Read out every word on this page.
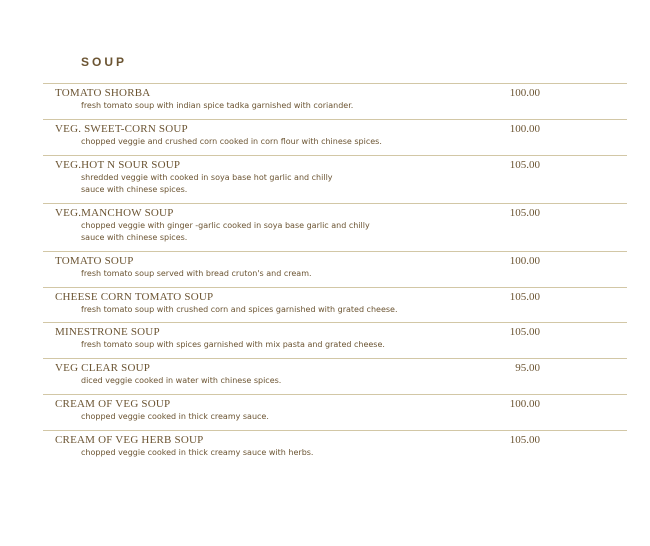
SOUP
TOMATO SHORBA
fresh tomato soup with indian spice tadka garnished with coriander.
100.00
VEG. SWEET-CORN SOUP
chopped veggie and crushed corn cooked in corn flour with chinese spices.
100.00
VEG.HOT N SOUR SOUP
shredded veggie with cooked in soya base hot garlic and chilly sauce with chinese spices.
105.00
VEG.MANCHOW SOUP
chopped veggie with ginger -garlic cooked in soya base garlic and chilly sauce with chinese spices.
105.00
TOMATO SOUP
fresh tomato soup served with bread cruton's and cream.
100.00
CHEESE CORN TOMATO SOUP
fresh tomato soup with crushed corn and spices garnished with grated cheese.
105.00
MINESTRONE SOUP
fresh tomato soup with spices garnished with mix pasta and grated cheese.
105.00
VEG CLEAR SOUP
diced veggie cooked in water with chinese spices.
95.00
CREAM OF VEG SOUP
chopped veggie cooked in thick creamy sauce.
100.00
CREAM OF VEG HERB SOUP
chopped veggie cooked in thick creamy sauce with herbs.
105.00
